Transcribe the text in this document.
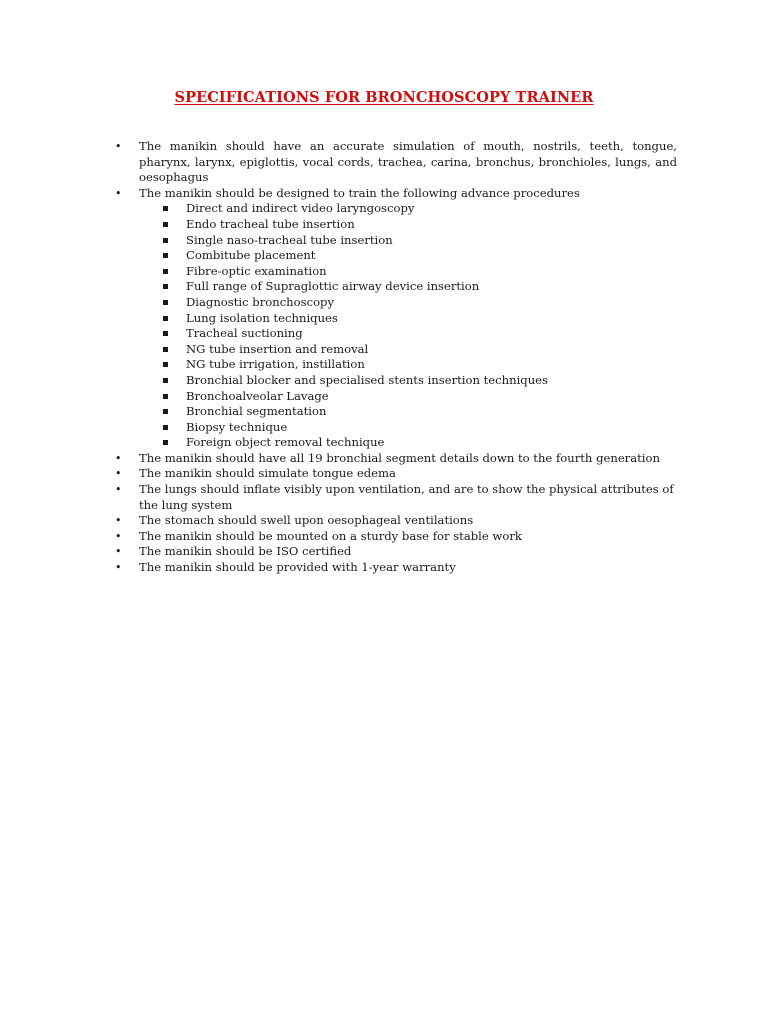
SPECIFICATIONS FOR BRONCHOSCOPY TRAINER
•	The manikin should have an accurate simulation of mouth, nostrils, teeth, tongue, pharynx, larynx, epiglottis, vocal cords, trachea, carina, bronchus, bronchioles, lungs, and oesophagus
•	The manikin should be designed to train the following advance procedures
Direct and indirect video laryngoscopy
Endo tracheal tube insertion
Single naso-tracheal tube insertion
Combitube placement
Fibre-optic examination
Full range of Supraglottic airway device insertion
Diagnostic bronchoscopy
Lung isolation techniques
Tracheal suctioning
NG tube insertion and removal
NG tube irrigation, instillation
Bronchial blocker and specialised stents insertion techniques
Bronchoalveolar Lavage
Bronchial segmentation
Biopsy technique
Foreign object removal technique
•	The manikin should have all 19 bronchial segment details down to the fourth generation
•	The manikin should simulate tongue edema
•	The lungs should inflate visibly upon ventilation, and are to show the physical attributes of the lung system
•	The stomach should swell upon oesophageal ventilations
•	The manikin should be mounted on a sturdy base for stable work
•	The manikin should be ISO certified
•	The manikin should be provided with 1-year warranty
